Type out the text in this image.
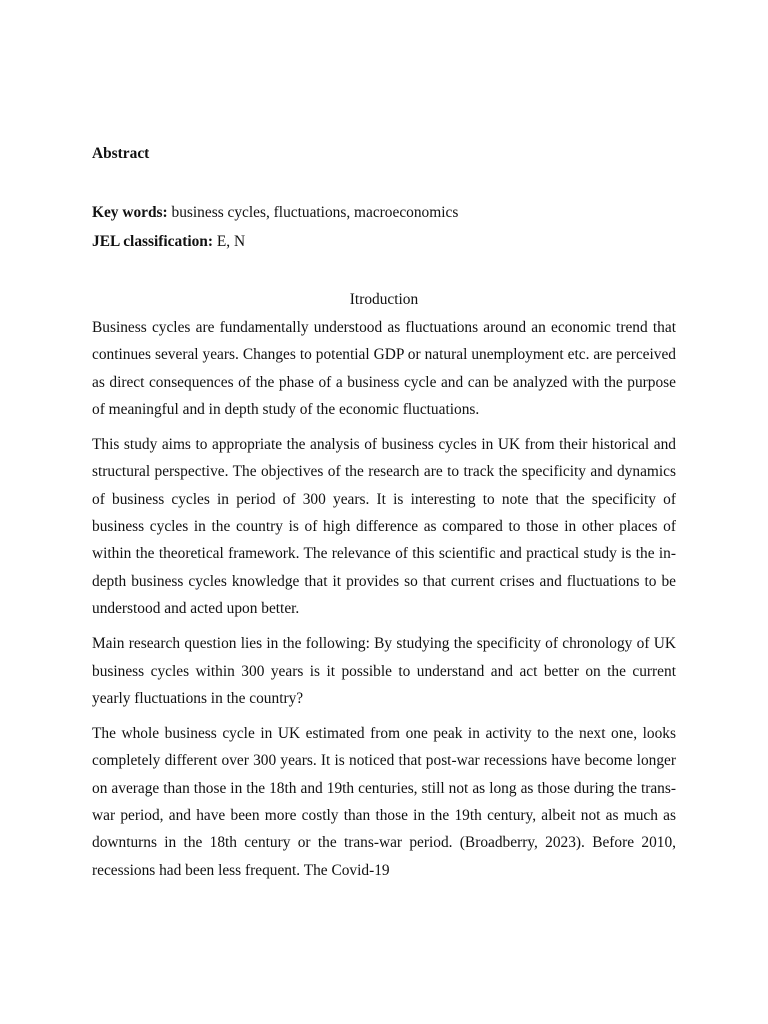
Abstract

Key words: business cycles, fluctuations, macroeconomics

JEL classification: E, N

Itroduction

Business cycles are fundamentally understood as fluctuations around an economic trend that continues several years. Changes to potential GDP or natural unemployment etc. are perceived as direct consequences of the phase of a business cycle and can be analyzed with the purpose of meaningful and in depth study of the economic fluctuations.

This study aims to appropriate the analysis of business cycles in UK from their historical and structural perspective. The objectives of the research are to track the specificity and dynamics of business cycles in period of 300 years. It is interesting to note that the specificity of business cycles in the country is of high difference as compared to those in other places of within the theoretical framework. The relevance of this scientific and practical study is the in-depth business cycles knowledge that it provides so that current crises and fluctuations to be understood and acted upon better.

Main research question lies in the following: By studying the specificity of chronology of UK business cycles within 300 years is it possible to understand and act better on the current yearly fluctuations in the country?

The whole business cycle in UK estimated from one peak in activity to the next one, looks completely different over 300 years. It is noticed that post-war recessions have become longer on average than those in the 18th and 19th centuries, still not as long as those during the trans-war period, and have been more costly than those in the 19th century, albeit not as much as downturns in the 18th century or the trans-war period. (Broadberry, 2023). Before 2010, recessions had been less frequent. The Covid-19
